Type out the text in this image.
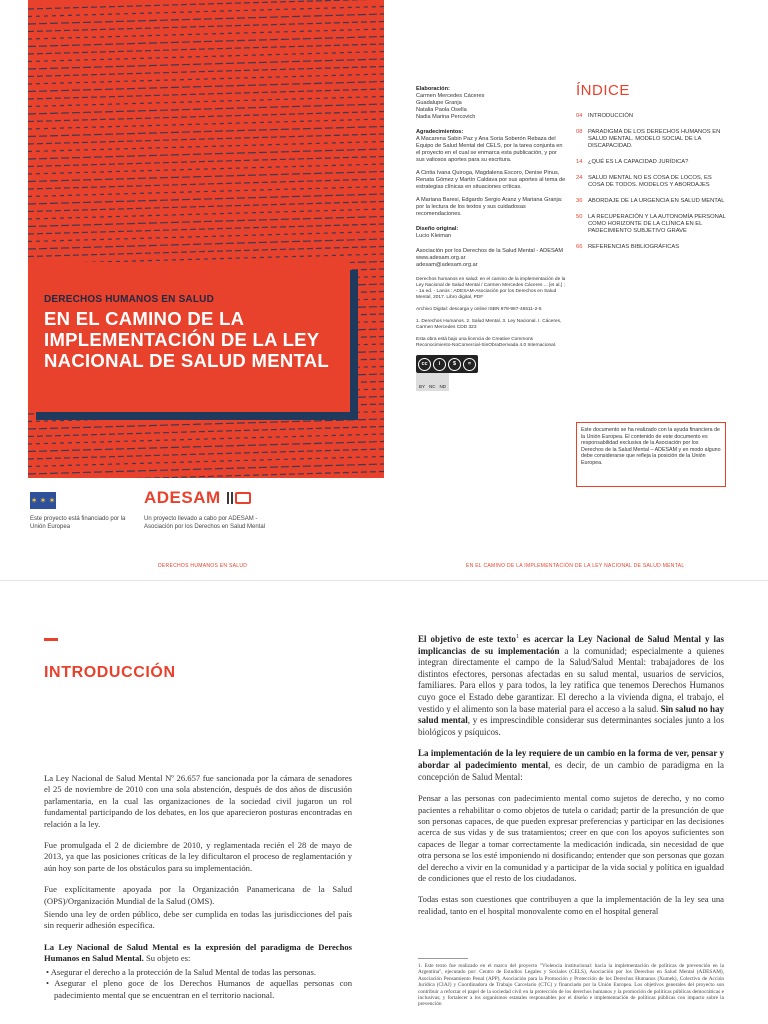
DERECHOS HUMANOS EN SALUD
EN EL CAMINO DE LA IMPLEMENTACIÓN DE LA LEY NACIONAL DE SALUD MENTAL
✶ ✶ ✶
Este proyecto está financiado por la Unión Europea
ADESAM
Un proyecto llevado a cabo por ADESAM - Asociación por los Derechos en Salud Mental
Elaboración:
Carmen Mercedes Cáceres
Guadalupe Granja
Natalia Paola Osella
Nadia Marina Percovich
Agradecimientos:
A Macarena Sabin Paz y Ana Soria Soberón Rebaza del Equipo de Salud Mental del CELS, por la tarea conjunta en el proyecto en el cual se enmarca esta publicación, y por sus valiosos aportes para su escritura.
A Cintia Ivana Quiroga, Magdalena Escoro, Denise Pinus, Renata Gómez y Martín Caldava por sus aportes al tema de estrategias clínicas en situaciones críticas.
A Mariana Baresi, Edgardo Sergio Aranz y Mariana Granja: por la lectura de los textos y sus cuidadosas recomendaciones.
Diseño original:
Lucio Kleiman
Asociación por los Derechos de la Salud Mental - ADESAM
www.adesam.org.ar
adesam@adesam.org.ar
Derechos humanos en salud: en el camino de la implementación de la Ley Nacional de Salud Mental / Carmen Mercedes Cáceres ... [et al.] ; - 1a ed. - Lanús : ADESAM-Asociación por los Derechos en Salud Mental, 2017. Libro digital, PDF
Archivo Digital: descarga y online ISBN 978-987-46511-2-5
1. Derechos Humanos. 2. Salud Mental. 3. Ley Nacional. I. Cáceres, Carmen Mercedes CDD 323
Esta obra está bajo una licencia de Creative Commons Reconocimiento-NoComercial-SinObraDerivada 4.0 Internacional.
cc	i	$	=
BY NC ND
ÍNDICE
04 INTRODUCCIÓN
08 PARADIGMA DE LOS DERECHOS HUMANOS EN SALUD MENTAL. MODELO SOCIAL DE LA DISCAPACIDAD.
14 ¿QUÉ ES LA CAPACIDAD JURÍDICA?
24 SALUD MENTAL NO ES COSA DE LOCOS, ES COSA DE TODOS. MODELOS Y ABORDAJES
36 ABORDAJE DE LA URGENCIA EN SALUD MENTAL
50 LA RECUPERACIÓN Y LA AUTONOMÍA PERSONAL COMO HORIZONTE DE LA CLÍNICA EN EL PADECIMIENTO SUBJETIVO GRAVE
66 REFERENCIAS BIBLIOGRÁFICAS
Este documento se ha realizado con la ayuda financiera de la Unión Europea. El contenido de este documento es responsabilidad exclusiva de la Asociación por los Derechos de la Salud Mental – ADESAM y en modo alguno debe considerarse que refleja la posición de la Unión Europea.
DERECHOS HUMANOS EN SALUD	EN EL CAMINO DE LA IMPLEMENTACIÓN DE LA LEY NACIONAL DE SALUD MENTAL
INTRODUCCIÓN

La Ley Nacional de Salud Mental Nº 26.657 fue sancionada por la cámara de senadores el 25 de noviembre de 2010 con una sola abstención, después de dos años de discusión parlamentaria, en la cual las organizaciones de la sociedad civil jugaron un rol fundamental participando de los debates, en los que aparecieron posturas encontradas en relación a la ley.

Fue promulgada el 2 de diciembre de 2010, y reglamentada recién el 28 de mayo de 2013, ya que las posiciones críticas de la ley dificultaron el proceso de reglamentación y aún hoy son parte de los obstáculos para su implementación.

Fue explícitamente apoyada por la Organización Panamericana de la Salud (OPS)/Organización Mundial de la Salud (OMS).

Siendo una ley de orden público, debe ser cumplida en todas las jurisdicciones del país sin requerir adhesión específica.

La Ley Nacional de Salud Mental es la expresión del paradigma de Derechos Humanos en Salud Mental. Su objeto es:

• Asegurar el derecho a la protección de la Salud Mental de todas las personas.
• Asegurar el pleno goce de los Derechos Humanos de aquellas personas con padecimiento mental que se encuentran en el territorio nacional.

El objetivo de este texto$^1$ es acercar la Ley Nacional de Salud Mental y las implicancias de su implementación a la comunidad; especialmente a quienes integran directamente el campo de la Salud/Salud Mental: trabajadores de los distintos efectores, personas afectadas en su salud mental, usuarios de servicios, familiares. Para ellos y para todos, la ley ratifica que tenemos Derechos Humanos cuyo goce el Estado debe garantizar. El derecho a la vivienda digna, el trabajo, el vestido y el alimento son la base material para el acceso a la salud. Sin salud no hay salud mental, y es imprescindible considerar sus determinantes sociales junto a los biológicos y psíquicos.

La implementación de la ley requiere de un cambio en la forma de ver, pensar y abordar al padecimiento mental, es decir, de un cambio de paradigma en la concepción de Salud Mental:

Pensar a las personas con padecimiento mental como sujetos de derecho, y no como pacientes a rehabilitar o como objetos de tutela o caridad; partir de la presunción de que son personas capaces, de que pueden expresar preferencias y participar en las decisiones acerca de sus vidas y de sus tratamientos; creer en que con los apoyos suficientes son capaces de llegar a tomar correctamente la medicación indicada, sin necesidad de que otra persona se los esté imponiendo ni dosificando; entender que son personas que gozan del derecho a vivir en la comunidad y a participar de la vida social y política en igualdad de condiciones que el resto de los ciudadanos.

Todas estas son cuestiones que contribuyen a que la implementación de la ley sea una realidad, tanto en el hospital monovalente como en el hospital general

1. Este texto fue realizado en el marco del proyecto "Violencia institucional: hacia la implementación de políticas de prevención en la Argentina", ejecutado por: Centro de Estudios Legales y Sociales (CELS), Asociación por los Derechos en Salud Mental (ADESAM), Asociación Pensamiento Penal (APP), Asociación para la Promoción y Protección de los Derechos Humanos (Xumek), Colectivo de Acción Jurídica (CIAJ) y Coordinadora de Trabajo Carcelario (CTC) y financiado por la Unión Europea. Los objetivos generales del proyecto son contribuir a reforzar el papel de la sociedad civil en la protección de los derechos humanos y la promoción de políticas públicas democráticas e inclusivas; y fortalecer a los organismos estatales responsables por el diseño e implementación de políticas públicas con impacto sobre la prevención
